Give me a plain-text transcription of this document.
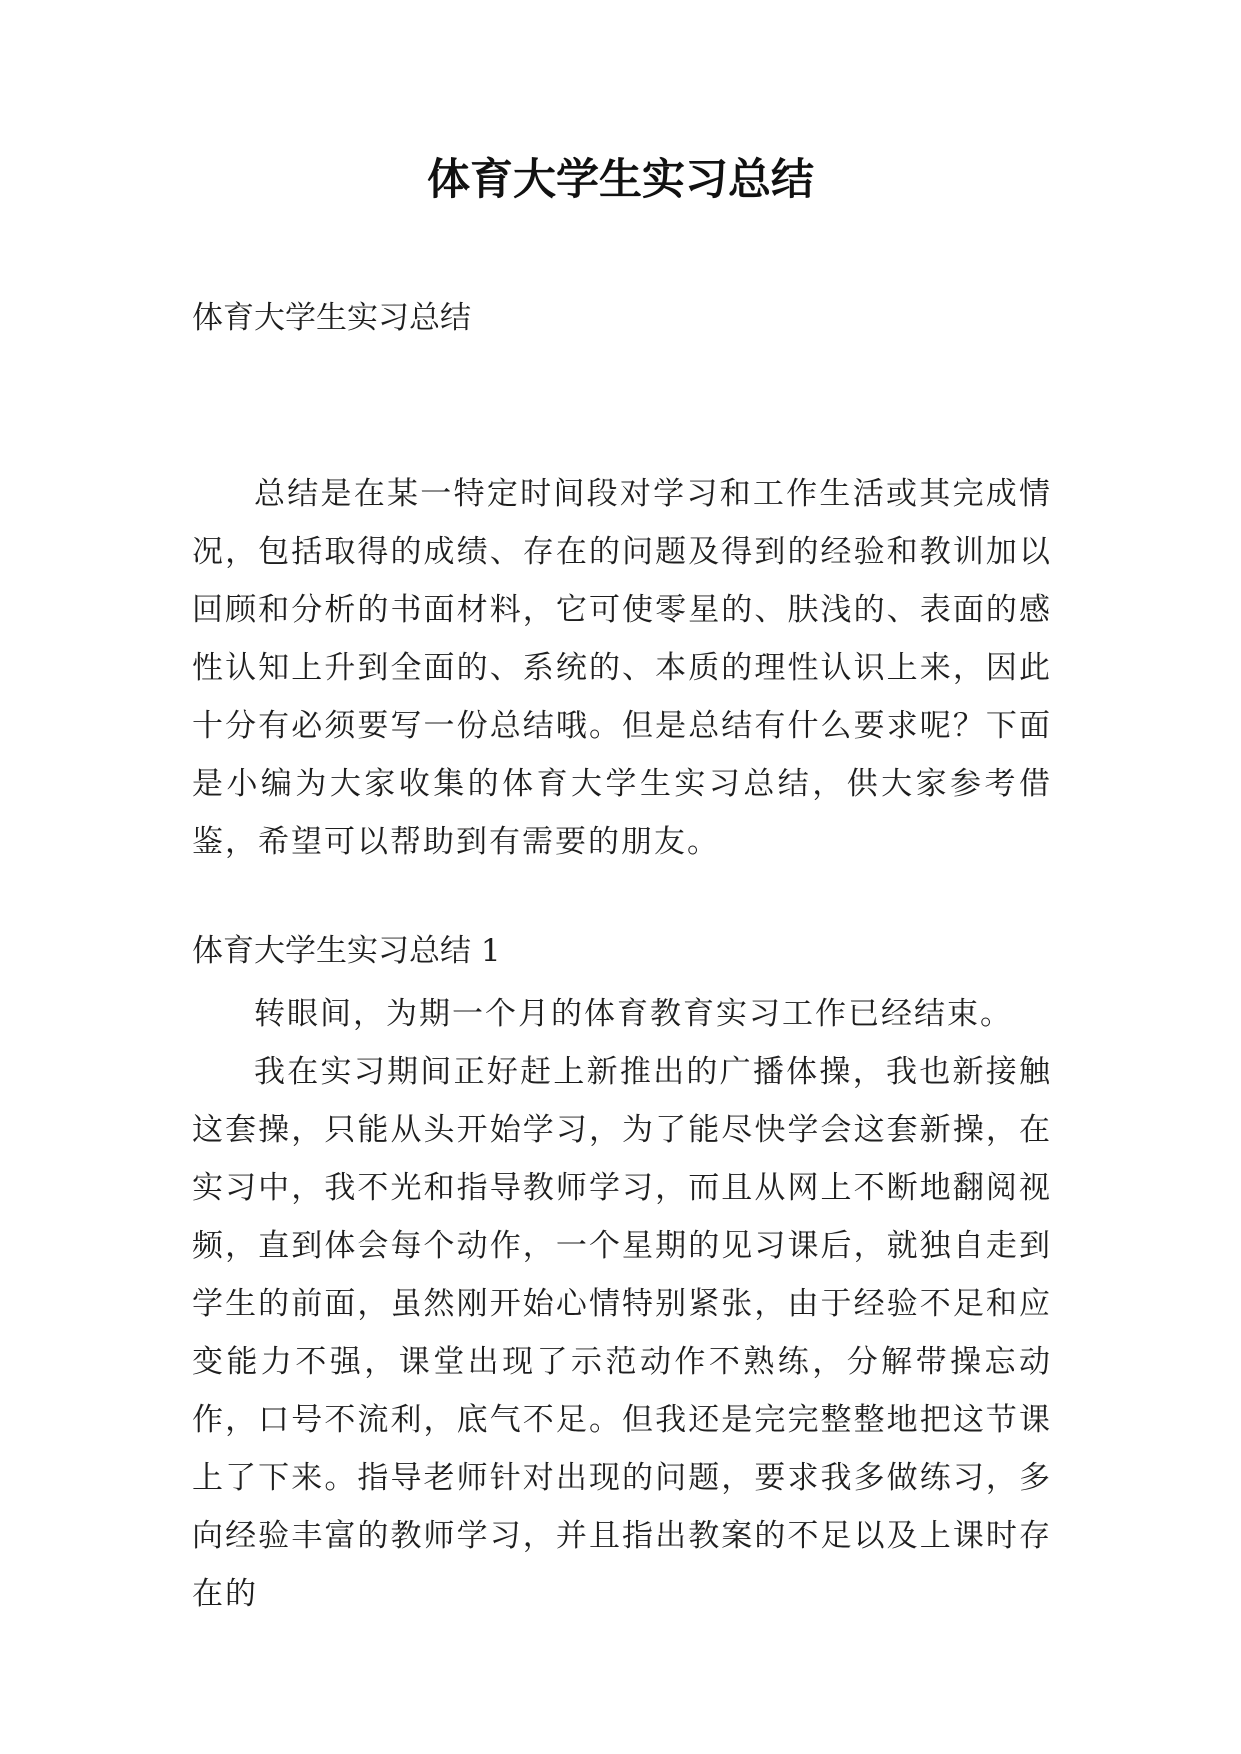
体育大学生实习总结
体育大学生实习总结
总结是在某一特定时间段对学习和工作生活或其完成情况，包括取得的成绩、存在的问题及得到的经验和教训加以回顾和分析的书面材料，它可使零星的、肤浅的、表面的感性认知上升到全面的、系统的、本质的理性认识上来，因此十分有必须要写一份总结哦。但是总结有什么要求呢？下面是小编为大家收集的体育大学生实习总结，供大家参考借鉴，希望可以帮助到有需要的朋友。
体育大学生实习总结 1
转眼间，为期一个月的体育教育实习工作已经结束。
我在实习期间正好赶上新推出的广播体操，我也新接触这套操，只能从头开始学习，为了能尽快学会这套新操，在实习中，我不光和指导教师学习，而且从网上不断地翻阅视频，直到体会每个动作，一个星期的见习课后，就独自走到学生的前面，虽然刚开始心情特别紧张，由于经验不足和应变能力不强，课堂出现了示范动作不熟练，分解带操忘动作，口号不流利，底气不足。但我还是完完整整地把这节课上了下来。指导老师针对出现的问题，要求我多做练习，多向经验丰富的教师学习，并且指出教案的不足以及上课时存在的
